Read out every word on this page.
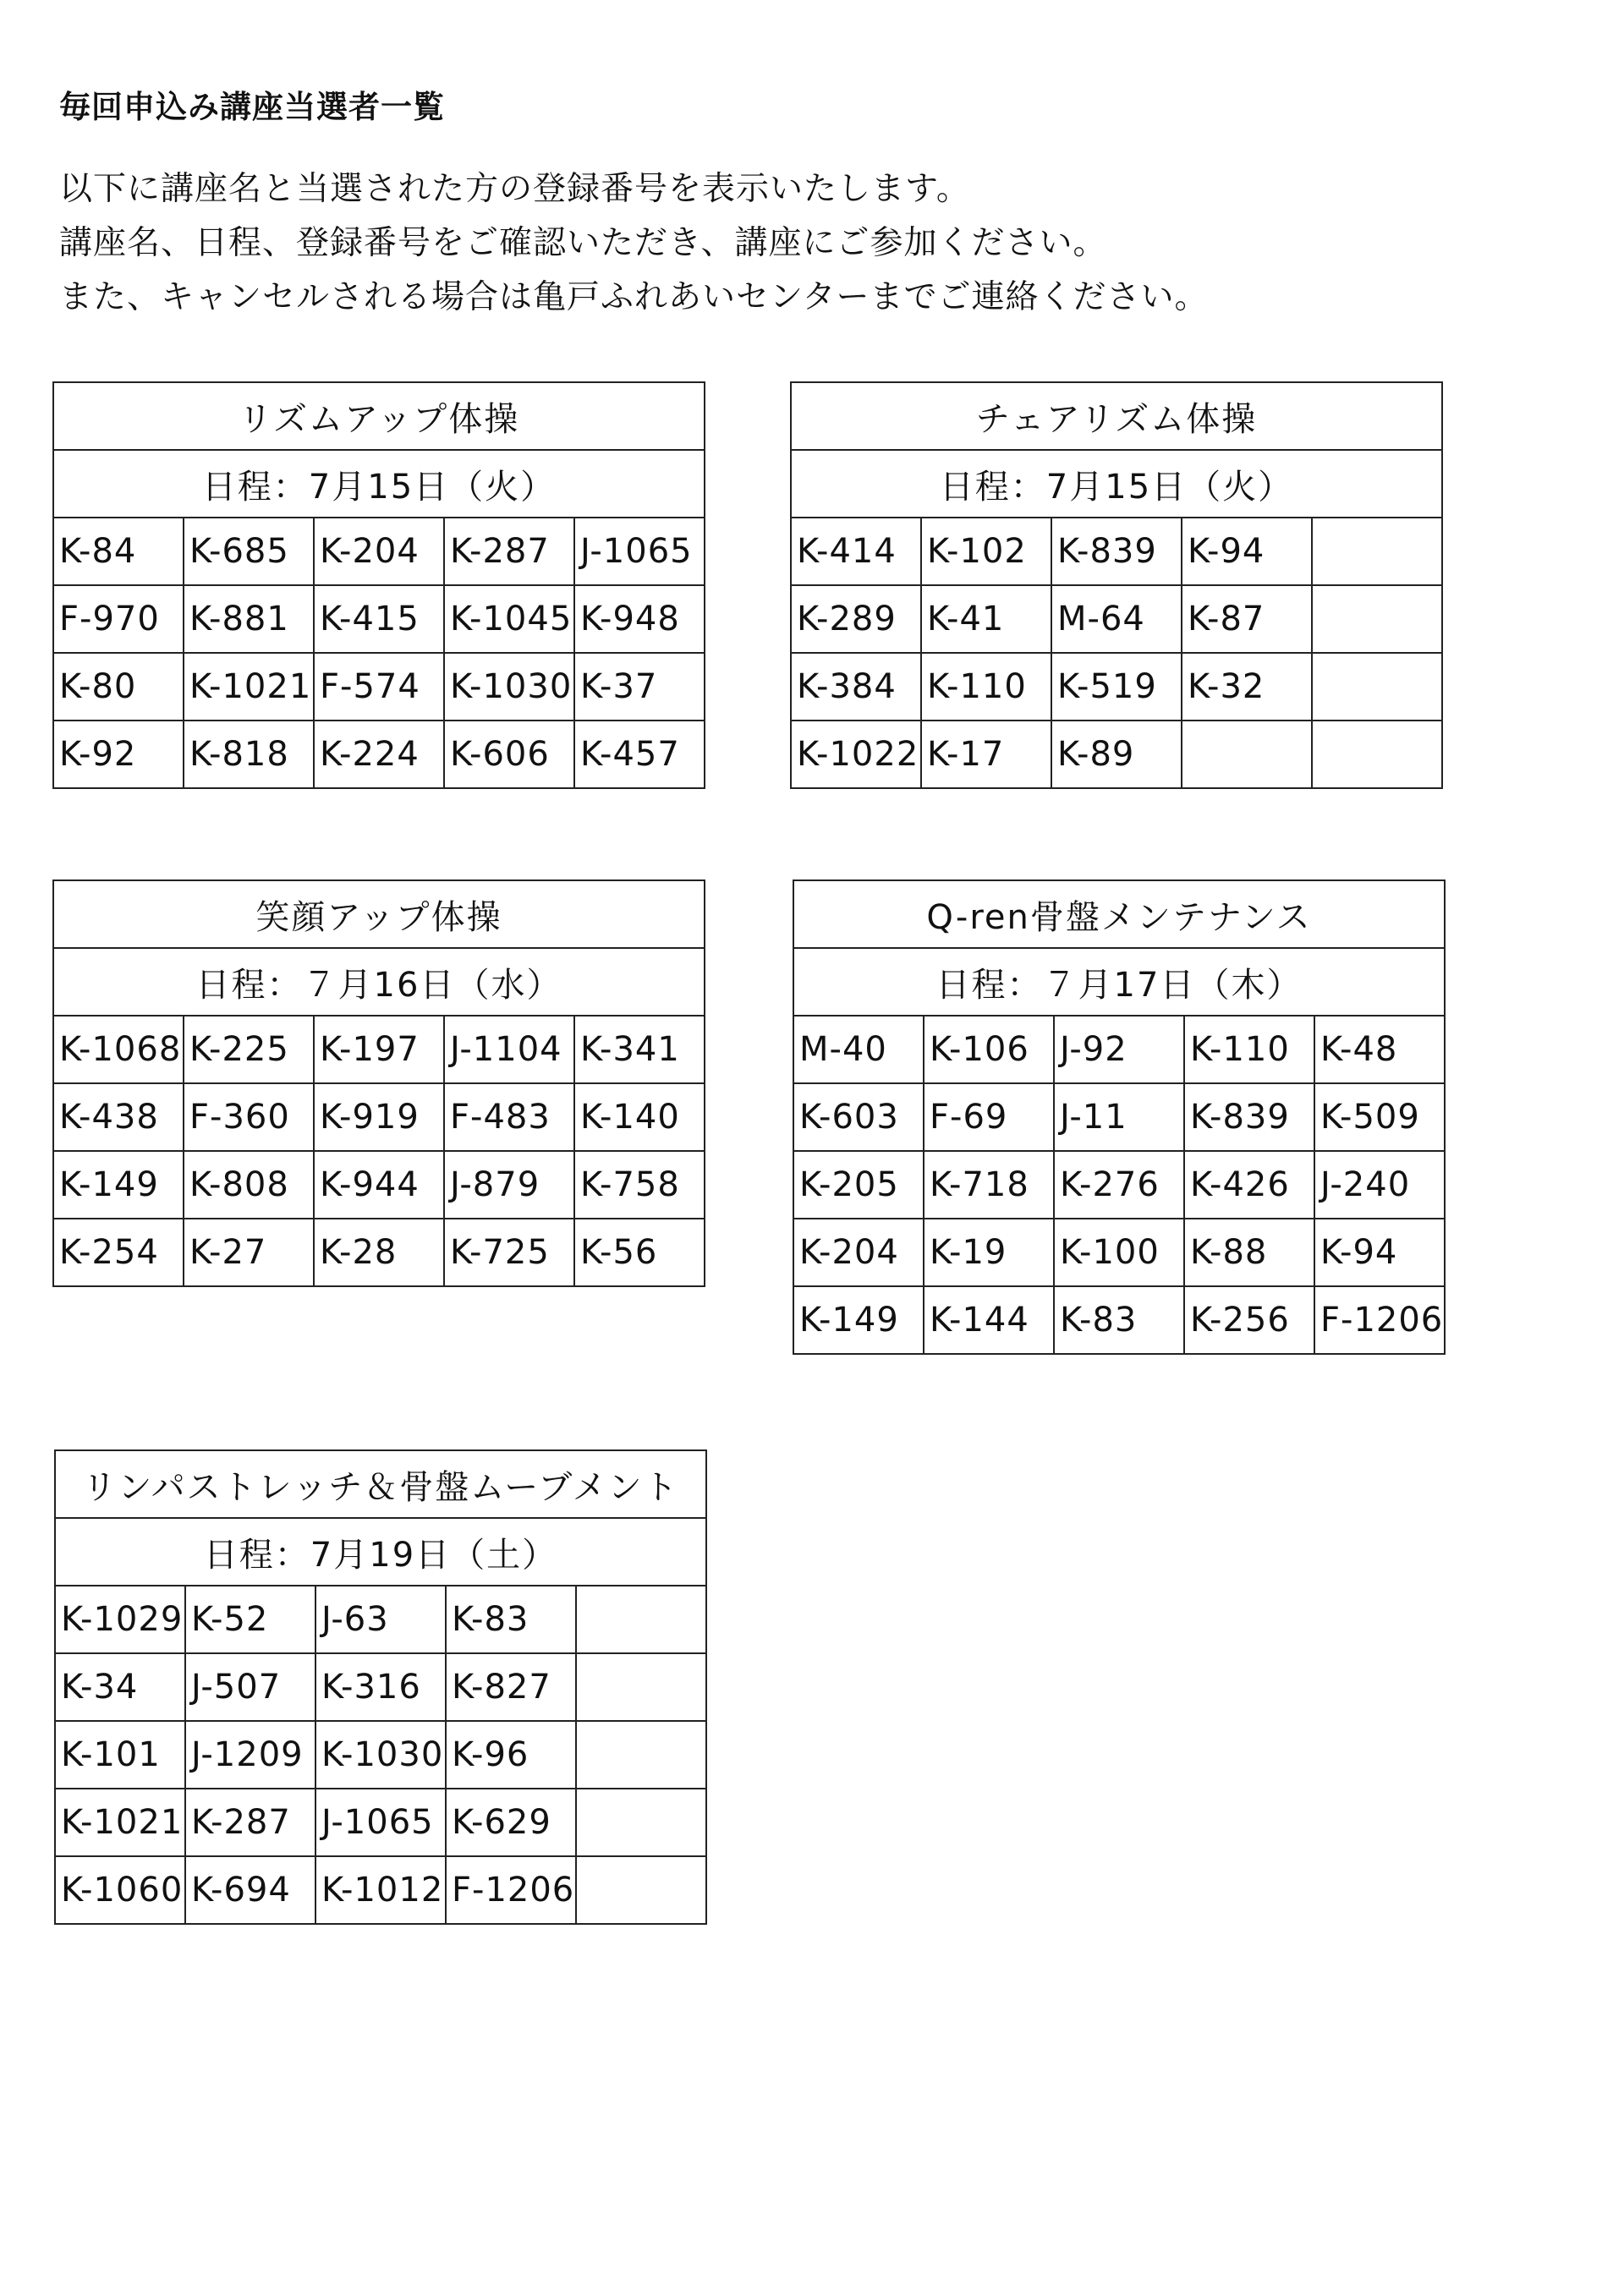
毎回申込み講座当選者一覧

以下に講座名と当選された方の登録番号を表示いたします。

講座名、日程、登録番号をご確認いただき、講座にご参加ください。

また、キャンセルされる場合は亀戸ふれあいセンターまでご連絡ください。

リズムアップ体操				
日程：7月15日（火）				
K-84	K-685	K-204	K-287	J-1065
F-970	K-881	K-415	K-1045	K-948
K-80	K-1021	F-574	K-1030	K-37
K-92	K-818	K-224	K-606	K-457
チェアリズム体操				
日程：7月15日（火）				
K-414	K-102	K-839	K-94	
K-289	K-41	M-64	K-87	
K-384	K-110	K-519	K-32	
K-1022	K-17	K-89		
笑顔アップ体操				
日程：７月16日（水）				
K-1068	K-225	K-197	J-1104	K-341
K-438	F-360	K-919	F-483	K-140
K-149	K-808	K-944	J-879	K-758
K-254	K-27	K-28	K-725	K-56
Q-ren骨盤メンテナンス				
日程：７月17日（木）				
M-40	K-106	J-92	K-110	K-48
K-603	F-69	J-11	K-839	K-509
K-205	K-718	K-276	K-426	J-240
K-204	K-19	K-100	K-88	K-94
K-149	K-144	K-83	K-256	F-1206
リンパストレッチ＆骨盤ムーブメント				
日程：7月19日（土）				
K-1029	K-52	J-63	K-83	
K-34	J-507	K-316	K-827	
K-101	J-1209	K-1030	K-96	
K-1021	K-287	J-1065	K-629	
K-1060	K-694	K-1012	F-1206	
